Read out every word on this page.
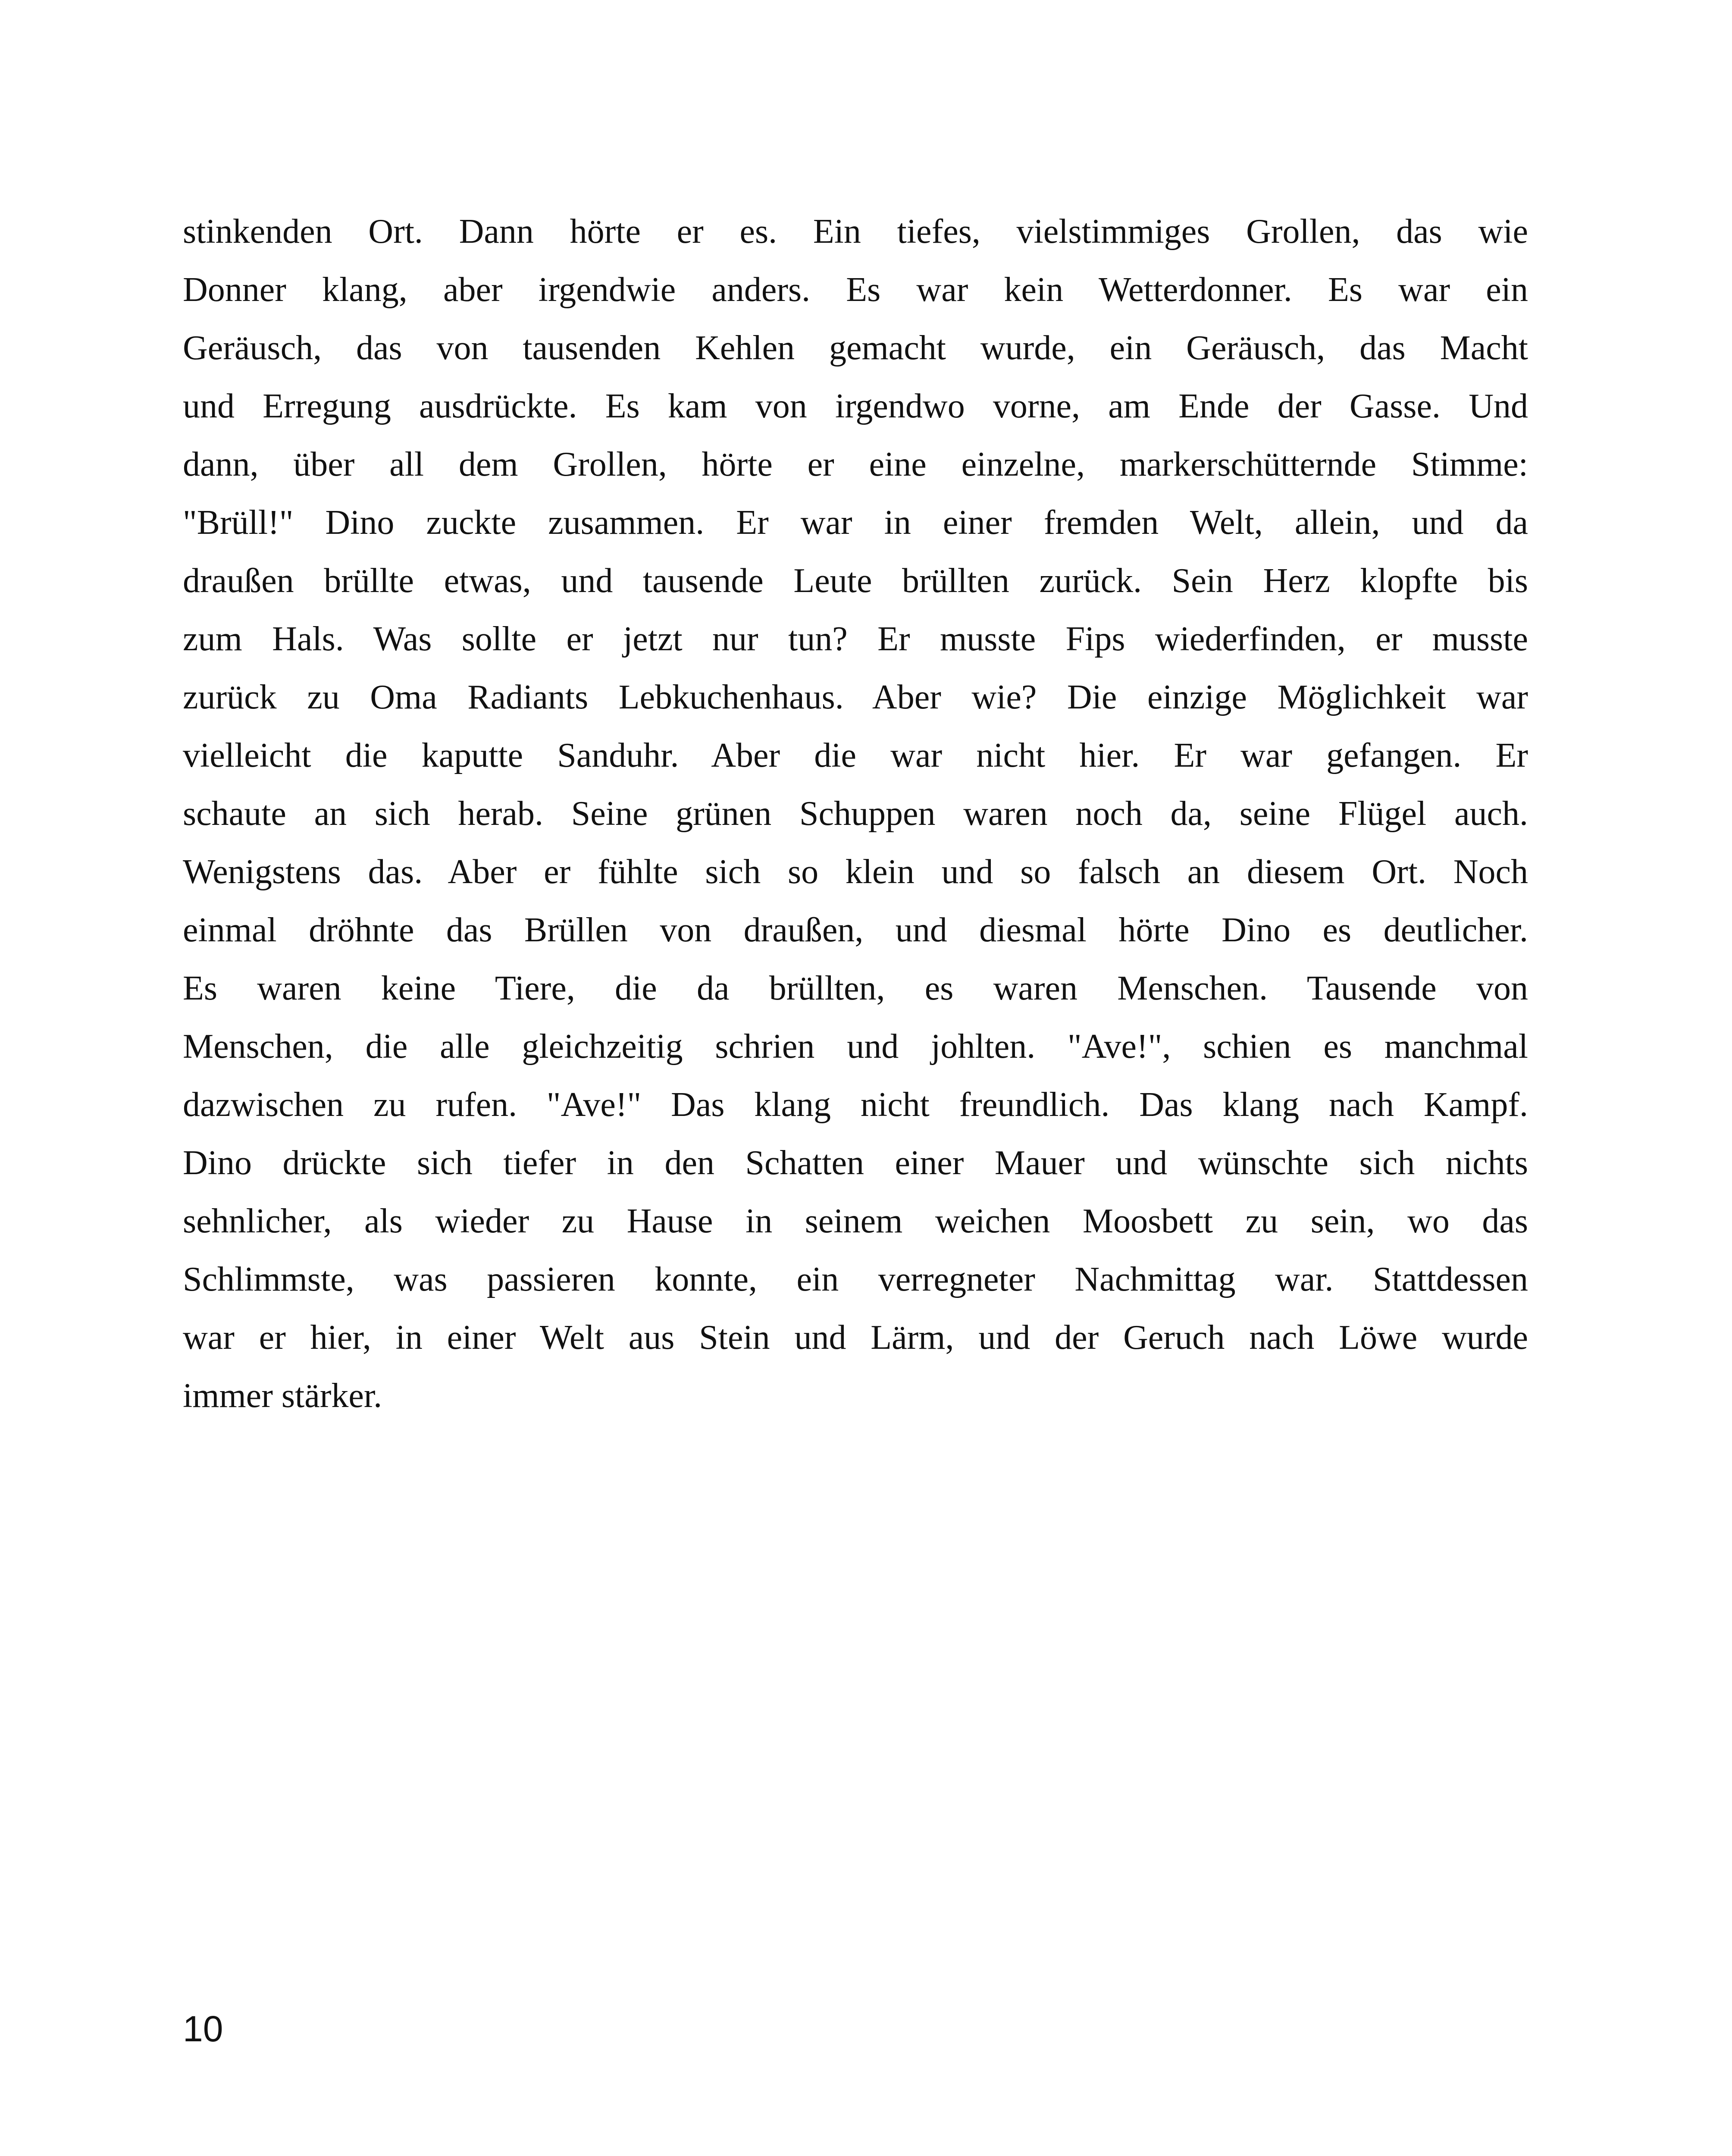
stinkenden Ort. Dann hörte er es. Ein tiefes, vielstimmiges Grollen, das wie
Donner klang, aber irgendwie anders. Es war kein Wetterdonner. Es war ein
Geräusch, das von tausenden Kehlen gemacht wurde, ein Geräusch, das Macht
und Erregung ausdrückte. Es kam von irgendwo vorne, am Ende der Gasse. Und
dann, über all dem Grollen, hörte er eine einzelne, markerschütternde Stimme:
"Brüll!" Dino zuckte zusammen. Er war in einer fremden Welt, allein, und da
draußen brüllte etwas, und tausende Leute brüllten zurück. Sein Herz klopfte bis
zum Hals. Was sollte er jetzt nur tun? Er musste Fips wiederfinden, er musste
zurück zu Oma Radiants Lebkuchenhaus. Aber wie? Die einzige Möglichkeit war
vielleicht die kaputte Sanduhr. Aber die war nicht hier. Er war gefangen. Er
schaute an sich herab. Seine grünen Schuppen waren noch da, seine Flügel auch.
Wenigstens das. Aber er fühlte sich so klein und so falsch an diesem Ort. Noch
einmal dröhnte das Brüllen von draußen, und diesmal hörte Dino es deutlicher.
Es waren keine Tiere, die da brüllten, es waren Menschen. Tausende von
Menschen, die alle gleichzeitig schrien und johlten. "Ave!", schien es manchmal
dazwischen zu rufen. "Ave!" Das klang nicht freundlich. Das klang nach Kampf.
Dino drückte sich tiefer in den Schatten einer Mauer und wünschte sich nichts
sehnlicher, als wieder zu Hause in seinem weichen Moosbett zu sein, wo das
Schlimmste, was passieren konnte, ein verregneter Nachmittag war. Stattdessen
war er hier, in einer Welt aus Stein und Lärm, und der Geruch nach Löwe wurde
immer stärker.
10
